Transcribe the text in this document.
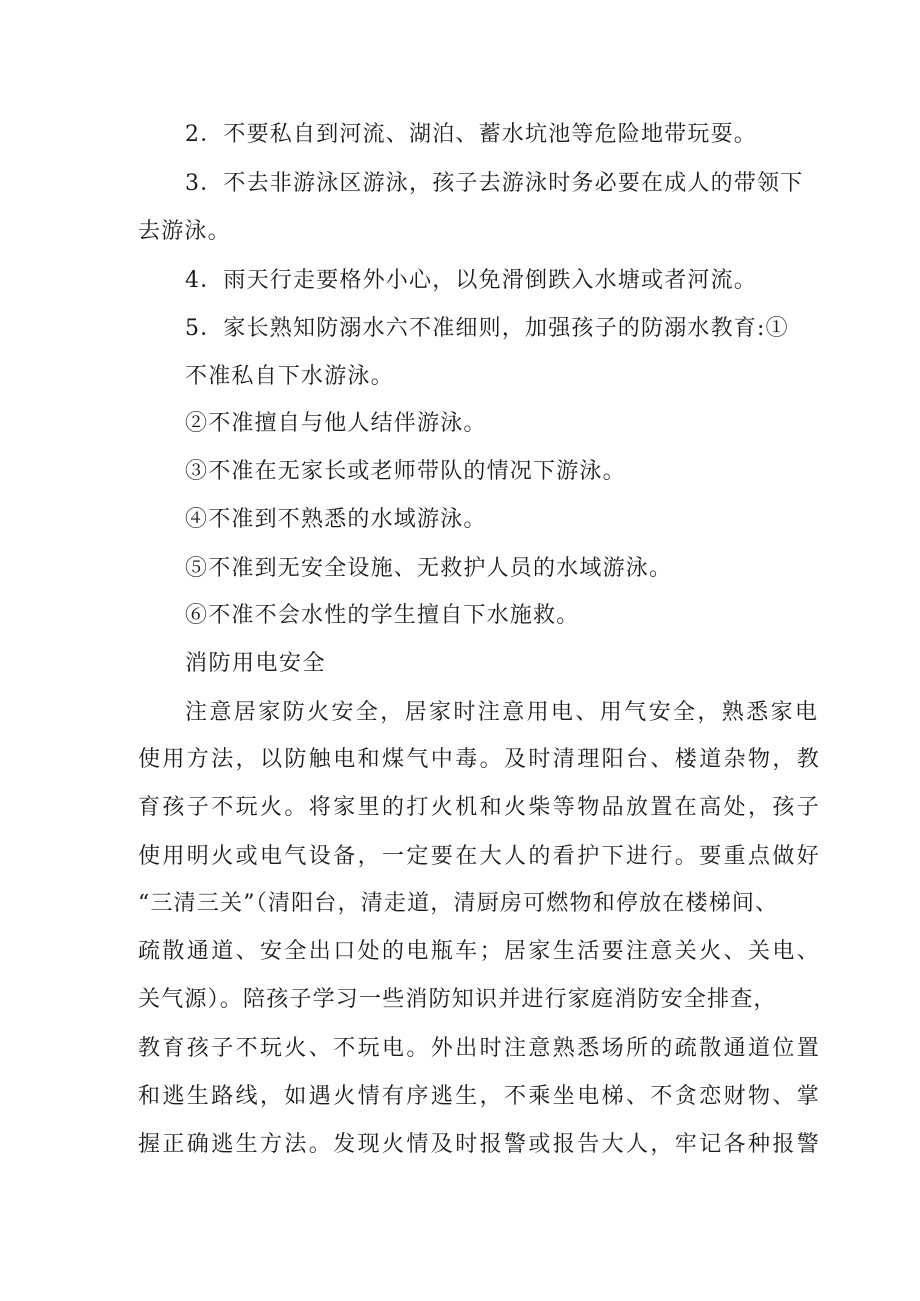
2．不要私自到河流、湖泊、蓄水坑池等危险地带玩耍。
3．不去非游泳区游泳，孩子去游泳时务必要在成人的带领下
去游泳。
4．雨天行走要格外小心，以免滑倒跌入水塘或者河流。
5．家长熟知防溺水六不准细则，加强孩子的防溺水教育:①
不准私自下水游泳。
②不准擅自与他人结伴游泳。
③不准在无家长或老师带队的情况下游泳。
④不准到不熟悉的水域游泳。
⑤不准到无安全设施、无救护人员的水域游泳。
⑥不准不会水性的学生擅自下水施救。
消防用电安全
注意居家防火安全，居家时注意用电、用气安全，熟悉家电
使用方法，以防触电和煤气中毒。及时清理阳台、楼道杂物，教
育孩子不玩火。将家里的打火机和火柴等物品放置在高处，孩子
使用明火或电气设备，一定要在大人的看护下进行。要重点做好
“三清三关”（清阳台，清走道，清厨房可燃物和停放在楼梯间、
疏散通道、安全出口处的电瓶车；居家生活要注意关火、关电、
关气源）。陪孩子学习一些消防知识并进行家庭消防安全排查，
教育孩子不玩火、不玩电。外出时注意熟悉场所的疏散通道位置
和逃生路线，如遇火情有序逃生，不乘坐电梯、不贪恋财物、掌
握正确逃生方法。发现火情及时报警或报告大人，牢记各种报警
